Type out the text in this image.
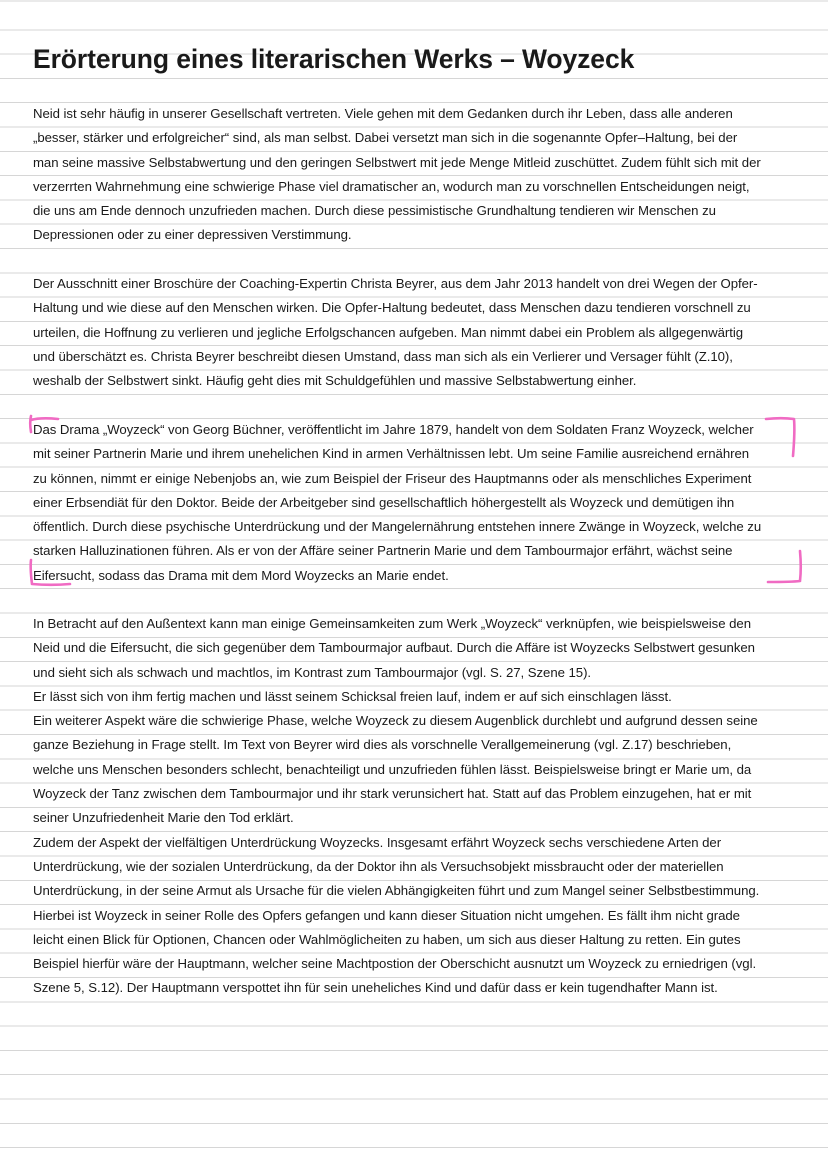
Erörterung eines literarischen Werks – Woyzeck
Neid ist sehr häufig in unserer Gesellschaft vertreten. Viele gehen mit dem Gedanken durch ihr Leben, dass alle anderen
„besser, stärker und erfolgreicher“ sind, als man selbst. Dabei versetzt man sich in die sogenannte Opfer–Haltung, bei der
man seine massive Selbstabwertung und den geringen Selbstwert mit jede Menge Mitleid zuschüttet. Zudem fühlt sich mit der
verzerrten Wahrnehmung eine schwierige Phase viel dramatischer an, wodurch man zu vorschnellen Entscheidungen neigt,
die uns am Ende dennoch unzufrieden machen. Durch diese pessimistische Grundhaltung tendieren wir Menschen zu
Depressionen oder zu einer depressiven Verstimmung.
Der Ausschnitt einer Broschüre der Coaching-Expertin Christa Beyrer, aus dem Jahr 2013 handelt von drei Wegen der Opfer-
Haltung und wie diese auf den Menschen wirken. Die Opfer-Haltung bedeutet, dass Menschen dazu tendieren vorschnell zu
urteilen, die Hoffnung zu verlieren und jegliche Erfolgschancen aufgeben. Man nimmt dabei ein Problem als allgegenwärtig
und überschätzt es. Christa Beyrer beschreibt diesen Umstand, dass man sich als ein Verlierer und Versager fühlt (Z.10),
weshalb der Selbstwert sinkt. Häufig geht dies mit Schuldgefühlen und massive Selbstabwertung einher.
Das Drama „Woyzeck“ von Georg Büchner, veröffentlicht im Jahre 1879, handelt von dem Soldaten Franz Woyzeck, welcher
mit seiner Partnerin Marie und ihrem unehelichen Kind in armen Verhältnissen lebt. Um seine Familie ausreichend ernähren
zu können, nimmt er einige Nebenjobs an, wie zum Beispiel der Friseur des Hauptmanns oder als menschliches Experiment
einer Erbsendiät für den Doktor. Beide der Arbeitgeber sind gesellschaftlich höhergestellt als Woyzeck und demütigen ihn
öffentlich. Durch diese psychische Unterdrückung und der Mangelernährung entstehen innere Zwänge in Woyzeck, welche zu
starken Halluzinationen führen. Als er von der Affäre seiner Partnerin Marie und dem Tambourmajor erfährt, wächst seine
Eifersucht, sodass das Drama mit dem Mord Woyzecks an Marie endet.
In Betracht auf den Außentext kann man einige Gemeinsamkeiten zum Werk „Woyzeck“ verknüpfen, wie beispielsweise den
Neid und die Eifersucht, die sich gegenüber dem Tambourmajor aufbaut. Durch die Affäre ist Woyzecks Selbstwert gesunken
und sieht sich als schwach und machtlos, im Kontrast zum Tambourmajor (vgl. S. 27, Szene 15).
Er lässt sich von ihm fertig machen und lässt seinem Schicksal freien lauf, indem er auf sich einschlagen lässt.
Ein weiterer Aspekt wäre die schwierige Phase, welche Woyzeck zu diesem Augenblick durchlebt und aufgrund dessen seine
ganze Beziehung in Frage stellt. Im Text von Beyrer wird dies als vorschnelle Verallgemeinerung (vgl. Z.17) beschrieben,
welche uns Menschen besonders schlecht, benachteiligt und unzufrieden fühlen lässt. Beispielsweise bringt er Marie um, da
Woyzeck der Tanz zwischen dem Tambourmajor und ihr stark verunsichert hat. Statt auf das Problem einzugehen, hat er mit
seiner Unzufriedenheit Marie den Tod erklärt.
Zudem der Aspekt der vielfältigen Unterdrückung Woyzecks. Insgesamt erfährt Woyzeck sechs verschiedene Arten der
Unterdrückung, wie der sozialen Unterdrückung, da der Doktor ihn als Versuchsobjekt missbraucht oder der materiellen
Unterdrückung, in der seine Armut als Ursache für die vielen Abhängigkeiten führt und zum Mangel seiner Selbstbestimmung.
Hierbei ist Woyzeck in seiner Rolle des Opfers gefangen und kann dieser Situation nicht umgehen. Es fällt ihm nicht grade
leicht einen Blick für Optionen, Chancen oder Wahlmöglicheiten zu haben, um sich aus dieser Haltung zu retten. Ein gutes
Beispiel hierfür wäre der Hauptmann, welcher seine Machtpostion der Oberschicht ausnutzt um Woyzeck zu erniedrigen (vgl.
Szene 5, S.12). Der Hauptmann verspottet ihn für sein uneheliches Kind und dafür dass er kein tugendhafter Mann ist.
